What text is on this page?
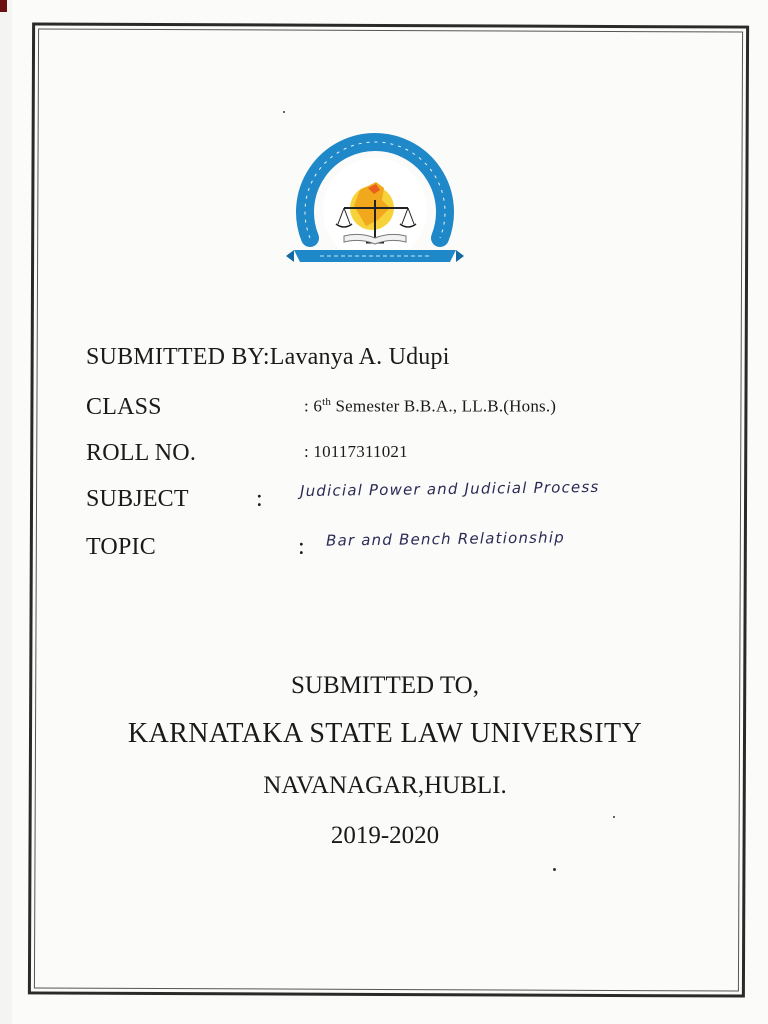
SUBMITTED BY:Lavanya A. Udupi
CLASS	: 6th Semester B.B.A., LL.B.(Hons.)
ROLL NO.	: 10117311021
SUBJECT	: Judicial Power and Judicial Process
TOPIC	: Bar and Bench Relationship
SUBMITTED TO,
KARNATAKA STATE LAW UNIVERSITY
NAVANAGAR,HUBLI.
2019-2020
